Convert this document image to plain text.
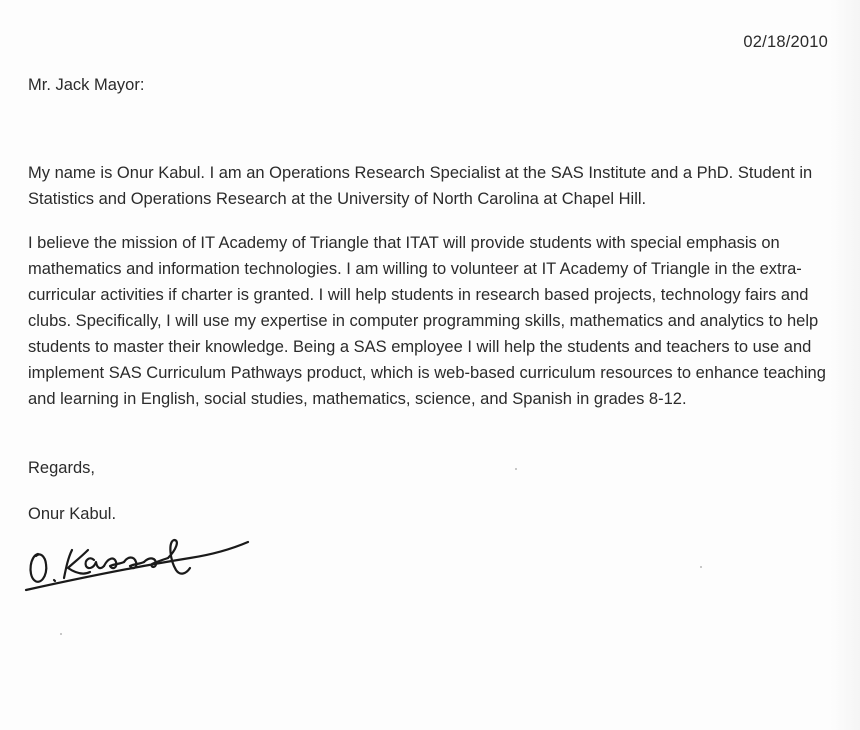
02/18/2010
Mr. Jack Mayor:

My name is Onur Kabul. I am an Operations Research Specialist at the SAS Institute and a PhD. Student in Statistics and Operations Research at the University of North Carolina at Chapel Hill.

I believe the mission of IT Academy of Triangle that ITAT will provide students with special emphasis on mathematics and information technologies. I am willing to volunteer at IT Academy of Triangle in the extra-curricular activities if charter is granted. I will help students in research based projects, technology fairs and clubs. Specifically, I will use my expertise in computer programming skills, mathematics and analytics to help students to master their knowledge. Being a SAS employee I will help the students and teachers to use and implement SAS Curriculum Pathways product, which is web-based curriculum resources to enhance teaching and learning in English, social studies, mathematics, science, and Spanish in grades 8-12.

Regards,
Onur Kabul.
